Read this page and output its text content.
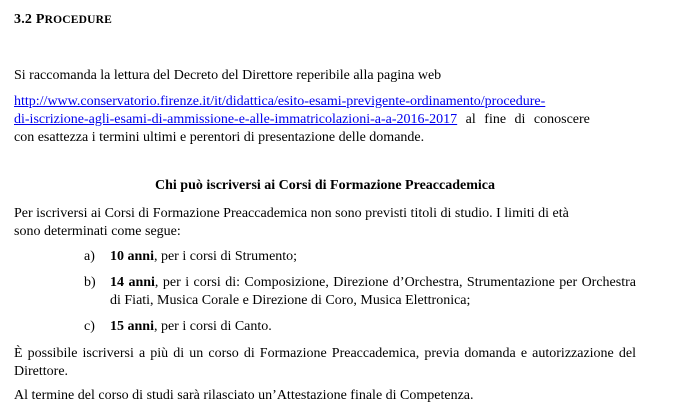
3.2 PROCEDURE
Si raccomanda la lettura del Decreto del Direttore reperibile alla pagina web
http://www.conservatorio.firenze.it/it/didattica/esito-esami-previgente-ordinamento/procedure-
di-iscrizione-agli-esami-di-ammissione-e-alle-immatricolazioni-a-a-2016-2017 al fine di conoscere
con esattezza i termini ultimi e perentori di presentazione delle domande.
Chi può iscriversi ai Corsi di Formazione Preaccademica
Per iscriversi ai Corsi di Formazione Preaccademica non sono previsti titoli di studio. I limiti di età
sono determinati come segue:
a)	10 anni, per i corsi di Strumento;
b)	14 anni, per i corsi di: Composizione, Direzione d’Orchestra, Strumentazione per Orchestra di Fiati, Musica Corale e Direzione di Coro, Musica Elettronica;
c)	15 anni, per i corsi di Canto.
È possibile iscriversi a più di un corso di Formazione Preaccademica, previa domanda e autorizzazione del Direttore.
Al termine del corso di studi sarà rilasciato un’Attestazione finale di Competenza.
